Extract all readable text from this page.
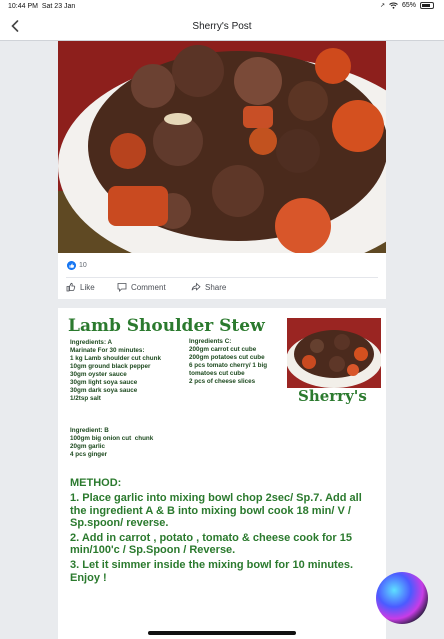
10:44 PM Sat 23 Jan	↗ 65%
Sherry's Post
10
Like	Comment	Share
Lamb Shoulder Stew
Ingredients: A
Marinate For 30 minutes:
1 kg Lamb shoulder cut chunk
10gm ground black pepper
30gm oyster sauce
30gm light soya sauce
30gm dark soya sauce
1/2tsp salt
Ingredients C:
200gm carrot cut cube
200gm potatoes cut cube
6 pcs tomato cherry/ 1 big
tomatoes cut cube
2 pcs of cheese slices
Sherry's
Ingredient: B
100gm big onion cut  chunk
20gm garlic
4 pcs ginger
METHOD:

1. Place garlic into mixing bowl chop 2sec/ Sp.7. Add all the ingredient A & B into mixing bowl cook 18 min/ V / Sp.spoon/ reverse.

2. Add in carrot , potato , tomato & cheese cook for 15 min/100'c / Sp.Spoon / Reverse.

3. Let it simmer inside the mixing bowl for 10 minutes. Enjoy !
